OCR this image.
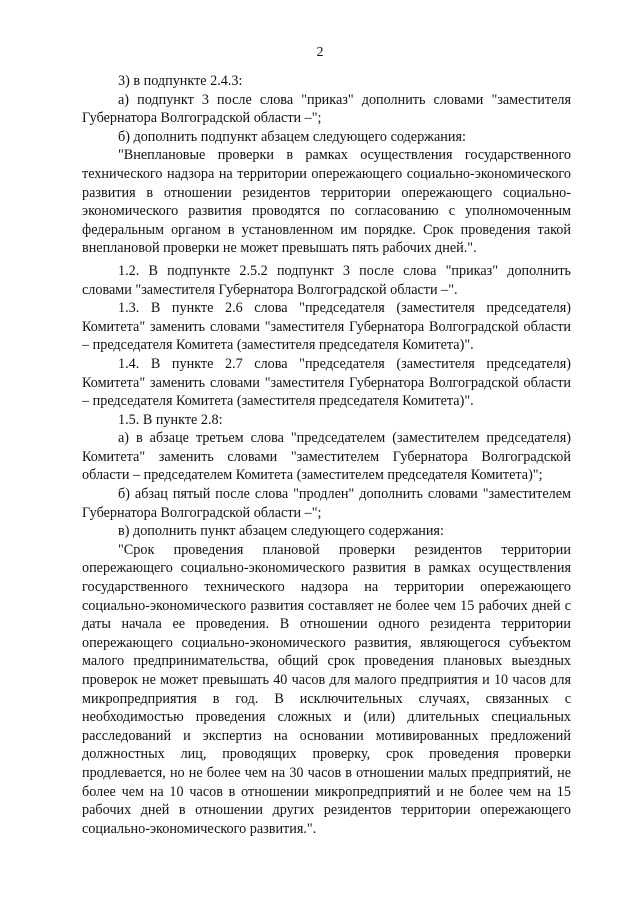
2

3) в подпункте 2.4.3:

а) подпункт 3 после слова "приказ" дополнить словами "заместителя Губернатора Волгоградской области –";

б) дополнить подпункт абзацем следующего содержания:

"Внеплановые проверки в рамках осуществления государственного технического надзора на территории опережающего социально-экономического развития в отношении резидентов территории опережающего социально-экономического развития проводятся по согласованию с уполномоченным федеральным органом в установленном им порядке. Срок проведения такой внеплановой проверки не может превышать пять рабочих дней.".

1.2. В подпункте 2.5.2 подпункт 3 после слова "приказ" дополнить словами "заместителя Губернатора Волгоградской области –".

1.3. В пункте 2.6 слова "председателя (заместителя председателя) Комитета" заменить словами "заместителя Губернатора Волгоградской области – председателя Комитета (заместителя председателя Комитета)".

1.4. В пункте 2.7 слова "председателя (заместителя председателя) Комитета" заменить словами "заместителя Губернатора Волгоградской области – председателя Комитета (заместителя председателя Комитета)".

1.5. В пункте 2.8:

а) в абзаце третьем слова "председателем (заместителем председателя) Комитета" заменить словами "заместителем Губернатора Волгоградской области – председателем Комитета (заместителем председателя Комитета)";

б) абзац пятый после слова "продлен" дополнить словами "заместителем Губернатора Волгоградской области –";

в) дополнить пункт абзацем следующего содержания:

"Срок проведения плановой проверки резидентов территории опережающего социально-экономического развития в рамках осуществления государственного технического надзора на территории опережающего социально-экономического развития составляет не более чем 15 рабочих дней с даты начала ее проведения. В отношении одного резидента территории опережающего социально-экономического развития, являющегося субъектом малого предпринимательства, общий срок проведения плановых выездных проверок не может превышать 40 часов для малого предприятия и 10 часов для микропредприятия в год. В исключительных случаях, связанных с необходимостью проведения сложных и (или) длительных специальных расследований и экспертиз на основании мотивированных предложений должностных лиц, проводящих проверку, срок проведения проверки продлевается, но не более чем на 30 часов в отношении малых предприятий, не более чем на 10 часов в отношении микропредприятий и не более чем на 15 рабочих дней в отношении других резидентов территории опережающего социально-экономического развития.".
